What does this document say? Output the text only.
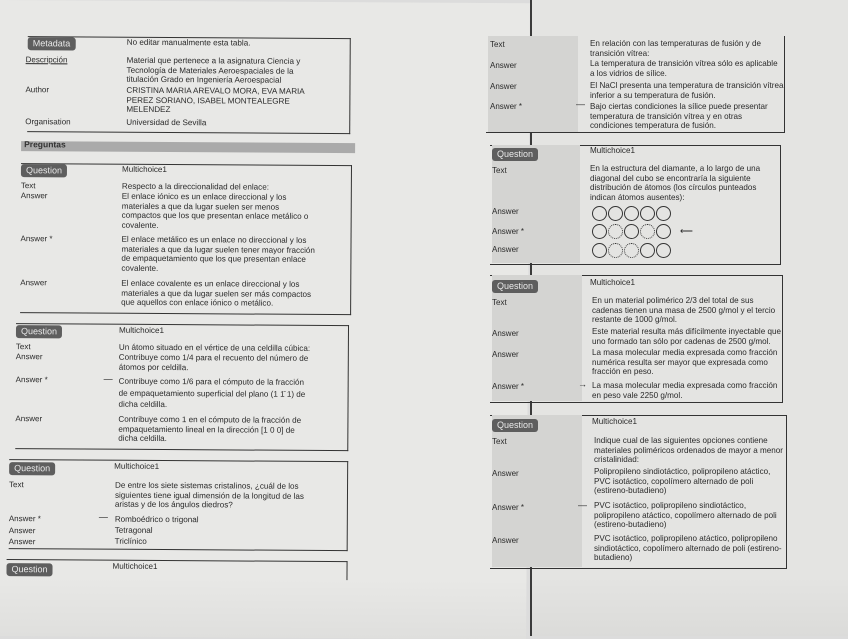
Metadata	No editar manualmente esta tabla.
Descripción	Material que pertenece a la asignatura Ciencia y
Tecnología de Materiales Aeroespaciales de la
titulación Grado en Ingeniería Aeroespacial
Author	CRISTINA MARIA AREVALO MORA, EVA MARIA
PEREZ SORIANO, ISABEL MONTEALEGRE
MELENDEZ
Organisation	Universidad de Sevilla
Preguntas
Question	Multichoice1
Text	Respecto a la direccionalidad del enlace:
Answer	El enlace iónico es un enlace direccional y los
materiales a que da lugar suelen ser menos
compactos que los que presentan enlace metálico o
covalente.
Answer *	El enlace metálico es un enlace no direccional y los
materiales a que da lugar suelen tener mayor fracción
de empaquetamiento que los que presentan enlace
covalente.
Answer	El enlace covalente es un enlace direccional y los
materiales a que da lugar suelen ser más compactos
que aquellos con enlace iónico o metálico.
Question	Multichoice1
Text	Un átomo situado en el vértice de una celdilla cúbica:
Answer	Contribuye como 1/4 para el recuento del número de
átomos por celdilla.
Answer *	— Contribuye como 1/6 para el cómputo de la fracción
de empaquetamiento superficial del plano (1 1̄ 1) de
dicha celdilla.
Answer	Contribuye como 1 en el cómputo de la fracción de
empaquetamiento lineal en la dirección [1 0 0] de
dicha celdilla.
Question	Multichoice1
Text	De entre los siete sistemas cristalinos, ¿cuál de los
siguientes tiene igual dimensión de la longitud de las
aristas y de los ángulos diedros?
Answer *	— Romboédrico o trigonal
Answer	Tetragonal
Answer	Triclínico
Question	Multichoice1
Text	En relación con las temperaturas de fusión y de
transición vítrea:
Answer	La temperatura de transición vítrea sólo es aplicable
a los vidrios de sílice.
Answer	El NaCl presenta una temperatura de transición vítrea
inferior a su temperatura de fusión.
Answer *	— Bajo ciertas condiciones la sílice puede presentar
temperatura de transición vítrea y en otras
condiciones temperatura de fusión.
Question	Multichoice1
Text	En la estructura del diamante, a lo largo de una
diagonal del cubo se encontraría la siguiente
distribución de átomos (los círculos punteados
indican átomos ausentes):
Answer
Answer *	⟵
Answer
Question	Multichoice1
Text	En un material polimérico 2/3 del total de sus
cadenas tienen una masa de 2500 g/mol y el tercio
restante de 1000 g/mol.
Answer	Este material resulta más difícilmente inyectable que
uno formado tan sólo por cadenas de 2500 g/mol.
Answer	La masa molecular media expresada como fracción
numérica resulta ser mayor que expresada como
fracción en peso.
Answer *	→ La masa molecular media expresada como fracción
en peso vale 2250 g/mol.
Question	Multichoice1
Text	Indique cual de las siguientes opciones contiene
materiales poliméricos ordenados de mayor a menor
cristalinidad:
Answer	Polipropileno sindiotáctico, polipropileno atáctico,
PVC isotáctico, copolímero alternado de poli
(estireno-butadieno)
Answer *	— PVC isotáctico, polipropileno sindiotáctico,
polipropileno atáctico, copolímero alternado de poli
(estireno-butadieno)
Answer	PVC isotáctico, polipropileno atáctico, polipropileno
sindiotáctico, copolímero alternado de poli (estireno-
butadieno)
